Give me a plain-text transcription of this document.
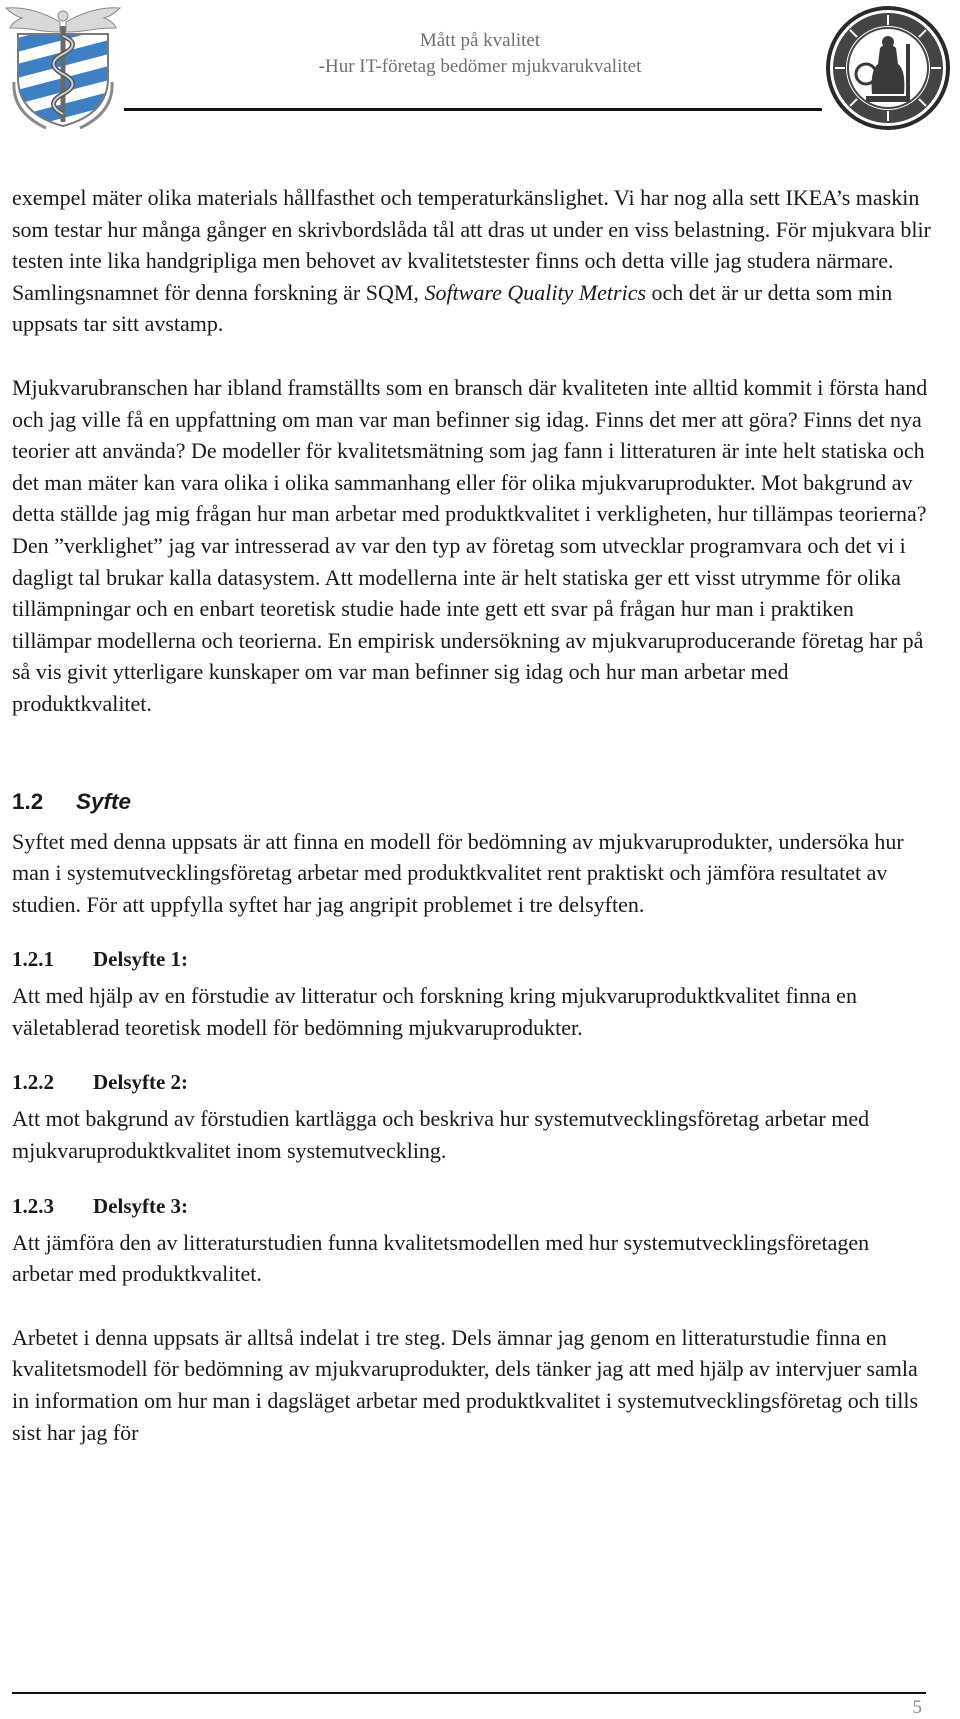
Mått på kvalitet
-Hur IT-företag bedömer mjukvarukvalitet

exempel mäter olika materials hållfasthet och temperaturkänslighet. Vi har nog alla sett IKEA’s maskin som testar hur många gånger en skrivbordslåda tål att dras ut under en viss belastning. För mjukvara blir testen inte lika handgripliga men behovet av kvalitetstester finns och detta ville jag studera närmare. Samlingsnamnet för denna forskning är SQM, Software Quality Metrics och det är ur detta som min uppsats tar sitt avstamp.

Mjukvarubranschen har ibland framställts som en bransch där kvaliteten inte alltid kommit i första hand och jag ville få en uppfattning om man var man befinner sig idag. Finns det mer att göra? Finns det nya teorier att använda? De modeller för kvalitetsmätning som jag fann i litteraturen är inte helt statiska och det man mäter kan vara olika i olika sammanhang eller för olika mjukvaruprodukter. Mot bakgrund av detta ställde jag mig frågan hur man arbetar med produktkvalitet i verkligheten, hur tillämpas teorierna? Den ”verklighet” jag var intresserad av var den typ av företag som utvecklar programvara och det vi i dagligt tal brukar kalla datasystem. Att modellerna inte är helt statiska ger ett visst utrymme för olika tillämpningar och en enbart teoretisk studie hade inte gett ett svar på frågan hur man i praktiken tillämpar modellerna och teorierna. En empirisk undersökning av mjukvaruproducerande företag har på så vis givit ytterligare kunskaper om var man befinner sig idag och hur man arbetar med produktkvalitet.

1.2 Syfte

Syftet med denna uppsats är att finna en modell för bedömning av mjukvaruprodukter, undersöka hur man i systemutvecklingsföretag arbetar med produktkvalitet rent praktiskt och jämföra resultatet av studien. För att uppfylla syftet har jag angripit problemet i tre delsyften.

1.2.1 Delsyfte 1:

Att med hjälp av en förstudie av litteratur och forskning kring mjukvaruproduktkvalitet finna en väletablerad teoretisk modell för bedömning mjukvaruprodukter.

1.2.2 Delsyfte 2:

Att mot bakgrund av förstudien kartlägga och beskriva hur systemutvecklingsföretag arbetar med mjukvaruproduktkvalitet inom systemutveckling.

1.2.3 Delsyfte 3:

Att jämföra den av litteraturstudien funna kvalitetsmodellen med hur systemutvecklingsföretagen arbetar med produktkvalitet.

Arbetet i denna uppsats är alltså indelat i tre steg. Dels ämnar jag genom en litteraturstudie finna en kvalitetsmodell för bedömning av mjukvaruprodukter, dels tänker jag att med hjälp av intervjuer samla in information om hur man i dagsläget arbetar med produktkvalitet i systemutvecklingsföretag och tills sist har jag för

5
